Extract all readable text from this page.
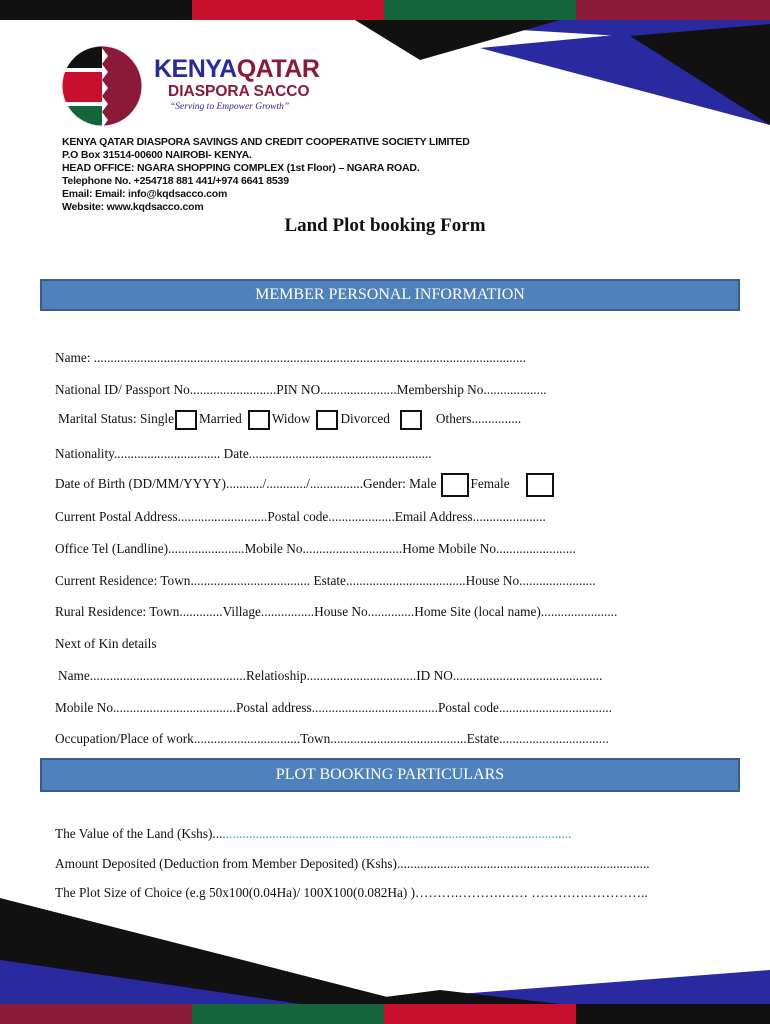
KENYAQATAR
DIASPORA SACCO
“Serving to Empower Growth”
KENYA QATAR DIASPORA SAVINGS AND CREDIT COOPERATIVE SOCIETY LIMITED
P.O Box 31514-00600 NAIROBI- KENYA.
HEAD OFFICE: NGARA SHOPPING COMPLEX (1st Floor) – NGARA ROAD.
Telephone No. +254718 881 441/+974 6641 8539
Email: Email: info@kqdsacco.com
Website: www.kqdsacco.com
Land Plot booking Form
MEMBER PERSONAL INFORMATION
Name: ..................................................................................................................................
National ID/ Passport No..........................PIN NO.......................Membership No...................
Marital Status: Single Married Widow Divorced	Others...............
Nationality................................ Date.......................................................
Date of Birth (DD/MM/YYYY).........../............/................Gender: Male	Female
Current Postal Address...........................Postal code....................Email Address......................
Office Tel (Landline).......................Mobile No..............................Home Mobile No........................
Current Residence: Town.................................... Estate....................................House No.......................
Rural Residence: Town.............Village................House No..............Home Site (local name).......................
Next of Kin details
Name...............................................Relatioship.................................ID NO.............................................
Mobile No.....................................Postal address......................................Postal code..................................
Occupation/Place of work................................Town.........................................Estate.................................
PLOT BOOKING PARTICULARS
The Value of the Land (Kshs)............................................................................................................
Amount Deposited (Deduction from Member Deposited) (Kshs)............................................................................
The Plot Size of Choice (e.g 50x100(0.04Ha)/ 100X100(0.082Ha) )……….……….…… ………….…………..
